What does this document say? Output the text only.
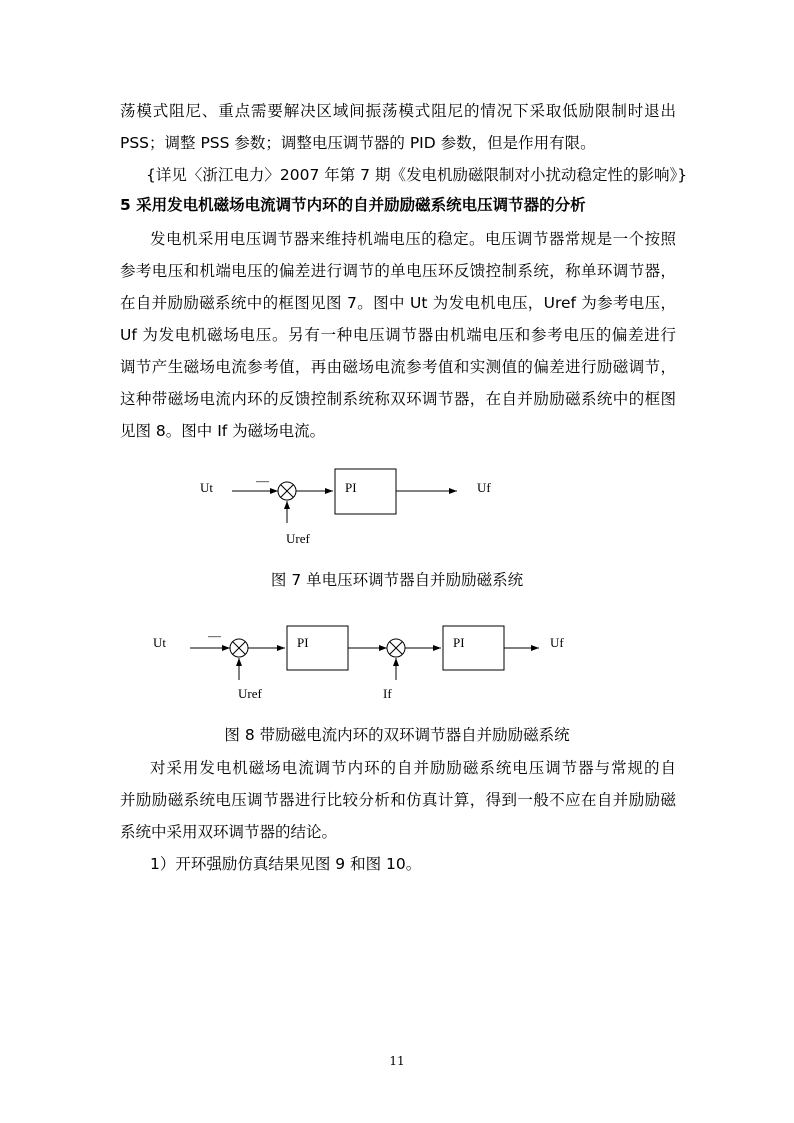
荡模式阻尼、重点需要解决区域间振荡模式阻尼的情况下采取低励限制时退出
PSS；调整 PSS 参数；调整电压调节器的 PID 参数，但是作用有限。
{详见〈浙江电力〉2007 年第 7 期《发电机励磁限制对小扰动稳定性的影响》}
5 采用发电机磁场电流调节内环的自并励励磁系统电压调节器的分析
发电机采用电压调节器来维持机端电压的稳定。电压调节器常规是一个按照
参考电压和机端电压的偏差进行调节的单电压环反馈控制系统，称单环调节器，
在自并励励磁系统中的框图见图 7。图中 Ut 为发电机电压，Uref 为参考电压，
Uf 为发电机磁场电压。另有一种电压调节器由机端电压和参考电压的偏差进行
调节产生磁场电流参考值，再由磁场电流参考值和实测值的偏差进行励磁调节，
这种带磁场电流内环的反馈控制系统称双环调节器，在自并励励磁系统中的框图
见图 8。图中 If 为磁场电流。
Ut	—
Uref
PI	Uf
图 7 单电压环调节器自并励励磁系统
Ut	—
Uref
PI
If
PI	Uf
图 8 带励磁电流内环的双环调节器自并励励磁系统
对采用发电机磁场电流调节内环的自并励励磁系统电压调节器与常规的自
并励励磁系统电压调节器进行比较分析和仿真计算，得到一般不应在自并励励磁
系统中采用双环调节器的结论。
1）开环强励仿真结果见图 9 和图 10。
11
